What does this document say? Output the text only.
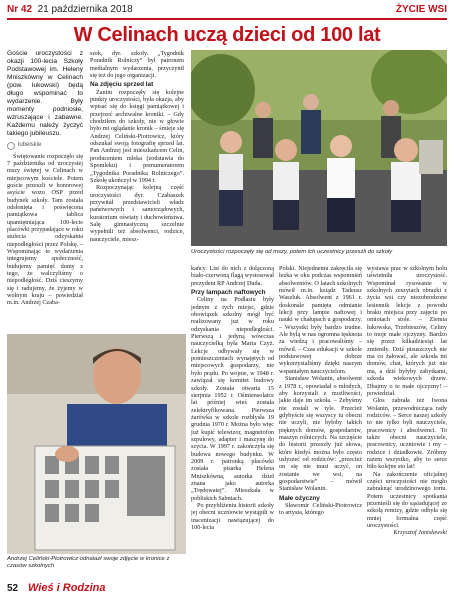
Nr 42 21 października 2018	ŻYCIE WSI
W Celinach uczą dzieci od 100 lat

Goście uroczystości z okazji 100-lecia Szkoły Podstawowej im. Heleny Mniszkówny w Celinach (pow. łukowski) będą długo wspominać to wydarzenie. Były momenty podniosłe, wzruszające i zabawne. Każdemu należy życzyć takiego jubileuszu.

lubelskie

Świętowanie rozpoczęło się 7 października od uroczystej mszy świętej w Celinach w miejscowym kościele. Potem goście przeszli w honorowej asyście wozu OSP przed budynek szkoły. Tam została odsłonięta i poświęcona pamiątkowa tablica upamiętniająca 100-lecie placówki przypadające w roku stulecia odzyskania niepodległości przez Polskę. – Wspominając te wydarzenia integrujemy społeczność, budujemy pamięć dumy z tego, że walczyliśmy o niepodległość. Dziś cieszymy się i radujemy, że żyjemy w wolnym kraju – powiedział m.in. Andrzej Czaba-

szek, dyr. szkoły. „Tygodnik Poradnik Rolniczy” był patronem medialnym wydarzenia, przyczynił się też do jego organizacji.

Na zdjęciu sprzed lat

Zanim rozpoczęły się kolejne punkty uroczystości, była okazja, aby wpisać się do księgi pamiątkowej i przejrzeć archiwalne kroniki. – Gdy chodziłem do szkoły, nie w głowie było mi oglądanie kronik – śmieje się Andrzej Celiński-Piotrowicz, który odszukał swoją fotografię sprzed lat. Pan Andrzej jest mieszkańcem Celin, producentem mleka (zodstawia do Spomleku) i prenumeratorem „Tygodnika Poradnika Rolniczego”. Szkołę ukończył w 1994 r.

Rozpoczynając kolejną część uroczystości dyr. Czabaszek przywitał przedstawicieli władz państwowych i samorządowych, kuratorium oświaty i duchowieństwa. Salę gimnastyczną szczelnie wypełnili też absolwenci, rodzice, nauczyciele, miesz-

Uroczystości rozpoczęły się od mszy, potem ich uczestnicy przeszli do szkoły
Andrzej Celiński-Piotrowicz odnalazł swoje zdjęcie w kronice z czasów szkolnych

kańcy. List do nich z dołączoną biało-czerwoną flagą wystosował prezydent RP Andrzej Duda.

Przy lampach naftowych

Celiny na Podlasiu były jednym z tych miejsc, gdzie obowiązek szkolny mógł być realizowany już w roku odzyskania niepodległości. Pierwszą i jedyną wówczas nauczycielką była Maria Czyż. Lekcje odbywały się w pomieszczeniach wynajętych od miejscowych gospodarzy, nie było prądu. Po wojnie, w 1948 r. zawiązał się komitet budowy szkoły. Została otwarta 15 sierpnia 1952 r. Ośmiensolatce lat później wieś została zelektryfikowana. Pierwsza żarówka w szkole rozbłysła 19 grudnia 1970 r. Można było więc już kupić telewizor, magnetofon szpulowy, adapter i maszynę do szycia. W 1997 r. zakończyła się budowa nowego budynku. W 2009 r. patronką placówki została pisarka Helena Mniszkówna, autorka dzieł znana jako autorka „Trędowatej”. Mieszkała w pobliskich Sabniach.

Po przybliżeniu historii szkoły jej obecni uczniowie wystąpili w inscenizacji nawiązującej do 100-lecia

Polski. Niejednemu zakręciła się łezka w oku podczas wspomnień absolwentów. O latach szkolnych mówił m.in. ksiądz Tadeusz Waszluk. Absolwent z 1961 r. doskonale pamięta odmianie lekcji przy lampie naftowej i nauki w chałupach u gospodarzy. – Wszystki były bardzo trudne. Ale byłą w nas ogromna tęsknota za wiedzą i pracowaliśmy – mówił. – Czas edukacji w szkole podstawowej dobrze wykorzystaliśmy dzięki naszym wspaniałym nauczycielom.

Stanisław Wolanin, absolwent z 1978 r., opowiadał o młodych, aby korzystali z możliwości, jakie daje im szkoła. – Zebyśmy nie zostali w tyle. Przecież gdybyście się wszyscy tu obecni nie uczyli, nie byłoby takich pięknych domów, gospodarstw, maszyn rolniczych. Na szczęście do historii przeszły już słowa, które kiedyś można było często usłyszeć od rodziców: „przecież on się nie musi uczyć, on zostanie we wsi, na gospodarstwie” – mówił Stanisław Wolanin.

Małe ożyczny

Sławomir Celiński-Piotrowicz to artysta, którego

wystawa prac w szkolnym holu uświetniła uroczystość. Wspominał rysowanie w szkolnych zeszytach obrazki z życia wsi czy niezobrodzone lesiennik lekcje z powodu braku miejsca przy zajęciu po omiotach stole. – Ziemia łukowska, Trzebieszów, Celiny to moje małe ojczyzny. Bardzo się przez kilkadziesiąt lat zmieniły. Dziś pisuszczych nie ma co żałować, ale szkoda mi domów, chat, których już nie ma, a dziś byłyby zabytkami, szkoda wiekowych drzew. Dbajmy o te małe ojczyzny! – powiedział.

Głos zabrała też Iwona Wolanin, przewodnicząca rady rodziców. – Serce naszej szkoły to nie tylko byli nauczyciele, pracownicy i absolwenci. To także obecni nauczyciele, pracownicy, uczniowie i my – rodzice i dziadkowie. Zróbmy razem wszystko, aby to serce biło kolejne sto lat!

Na zakończenie oficjalnej części uroczystości nie mogło zabraknąć urodzinowego tortu. Potem uczestnicy spotkania przenieśli się do sąsiadującej ze szkołą remizy, gdzie odbyła się mniej formalna część uroczystości.

Krzysztof Janisławski

52 Wieś i Rodzina
